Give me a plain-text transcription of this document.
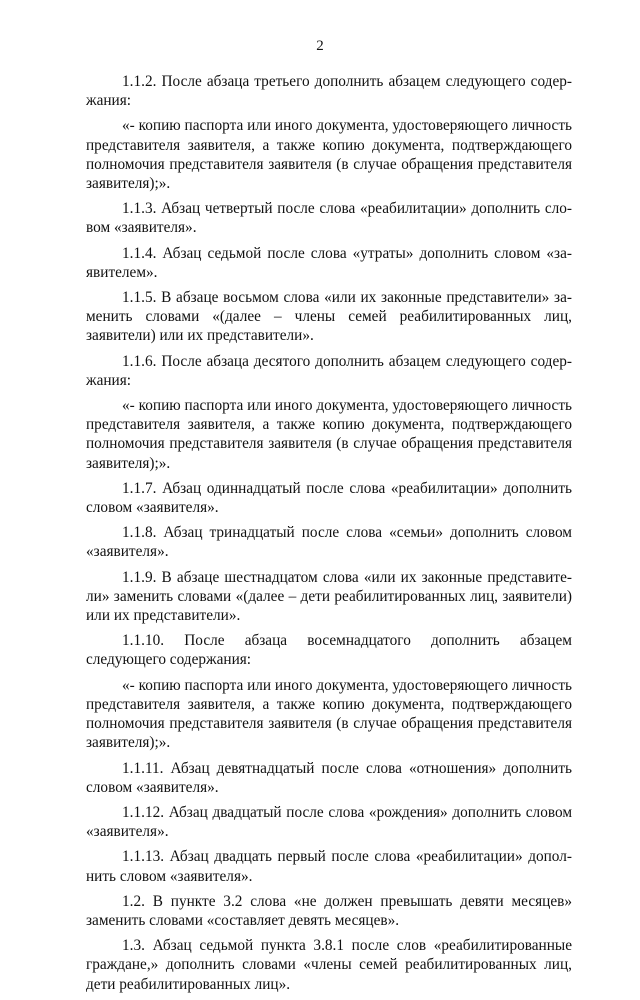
2

1.1.2. После абзаца третьего дополнить абзацем следующего содержания:

«- копию паспорта или иного документа, удостоверяющего личность представителя заявителя, а также копию документа, подтверждающего полномочия представителя заявителя (в случае обращения представителя заявителя);».

1.1.3. Абзац четвертый после слова «реабилитации» дополнить словом «заявителя».

1.1.4. Абзац седьмой после слова «утраты» дополнить словом «заявителем».

1.1.5. В абзаце восьмом слова «или их законные представители» заменить словами «(далее – члены семей реабилитированных лиц, заявители) или их представители».

1.1.6. После абзаца десятого дополнить абзацем следующего содержания:

«- копию паспорта или иного документа, удостоверяющего личность представителя заявителя, а также копию документа, подтверждающего полномочия представителя заявителя (в случае обращения представителя заявителя);».

1.1.7. Абзац одиннадцатый после слова «реабилитации» дополнить словом «заявителя».

1.1.8. Абзац тринадцатый после слова «семьи» дополнить словом «заявителя».

1.1.9. В абзаце шестнадцатом слова «или их законные представители» заменить словами «(далее – дети реабилитированных лиц, заявители) или их представители».

1.1.10. После абзаца восемнадцатого дополнить абзацем следующего содержания:

«- копию паспорта или иного документа, удостоверяющего личность представителя заявителя, а также копию документа, подтверждающего полномочия представителя заявителя (в случае обращения представителя заявителя);».

1.1.11. Абзац девятнадцатый после слова «отношения» дополнить словом «заявителя».

1.1.12. Абзац двадцатый после слова «рождения» дополнить словом «заявителя».

1.1.13. Абзац двадцать первый после слова «реабилитации» дополнить словом «заявителя».

1.2. В пункте 3.2 слова «не должен превышать девяти месяцев» заменить словами «составляет девять месяцев».

1.3. Абзац седьмой пункта 3.8.1 после слов «реабилитированные граждане,» дополнить словами «члены семей реабилитированных лиц, дети реабилитированных лиц».
